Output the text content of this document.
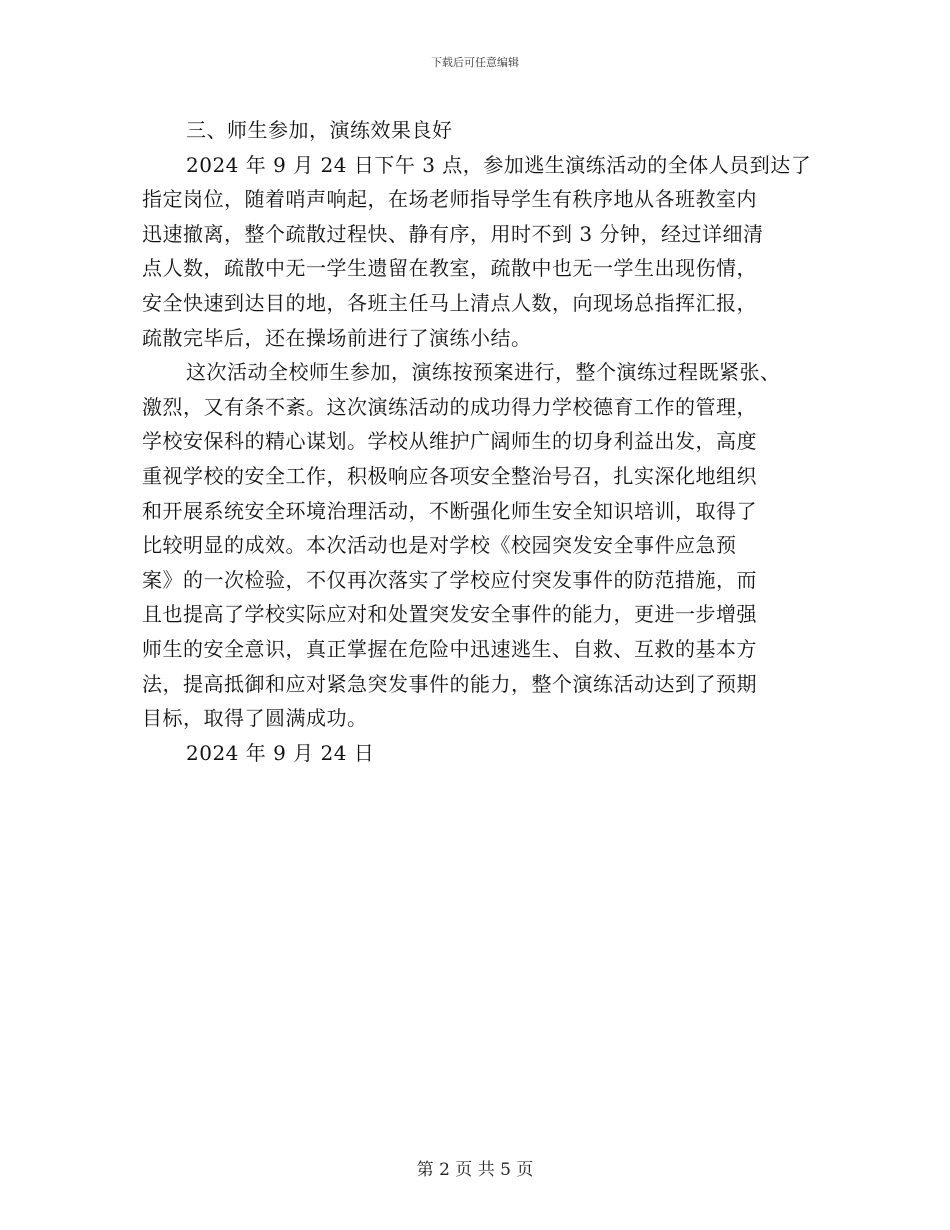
下载后可任意编辑
三、师生参加，演练效果良好
2024 年 9 月 24 日下午 3 点，参加逃生演练活动的全体人员到达了
指定岗位，随着哨声响起，在场老师指导学生有秩序地从各班教室内
迅速撤离，整个疏散过程快、静有序，用时不到 3 分钟，经过详细清
点人数，疏散中无一学生遗留在教室，疏散中也无一学生出现伤情，
安全快速到达目的地，各班主任马上清点人数，向现场总指挥汇报，
疏散完毕后，还在操场前进行了演练小结。
这次活动全校师生参加，演练按预案进行，整个演练过程既紧张、
激烈，又有条不紊。这次演练活动的成功得力学校德育工作的管理，
学校安保科的精心谋划。学校从维护广阔师生的切身利益出发，高度
重视学校的安全工作，积极响应各项安全整治号召，扎实深化地组织
和开展系统安全环境治理活动，不断强化师生安全知识培训，取得了
比较明显的成效。本次活动也是对学校《校园突发安全事件应急预
案》的一次检验，不仅再次落实了学校应付突发事件的防范措施，而
且也提高了学校实际应对和处置突发安全事件的能力，更进一步增强
师生的安全意识，真正掌握在危险中迅速逃生、自救、互救的基本方
法，提高抵御和应对紧急突发事件的能力，整个演练活动达到了预期
目标，取得了圆满成功。
2024 年 9 月 24 日
第 2 页 共 5 页
